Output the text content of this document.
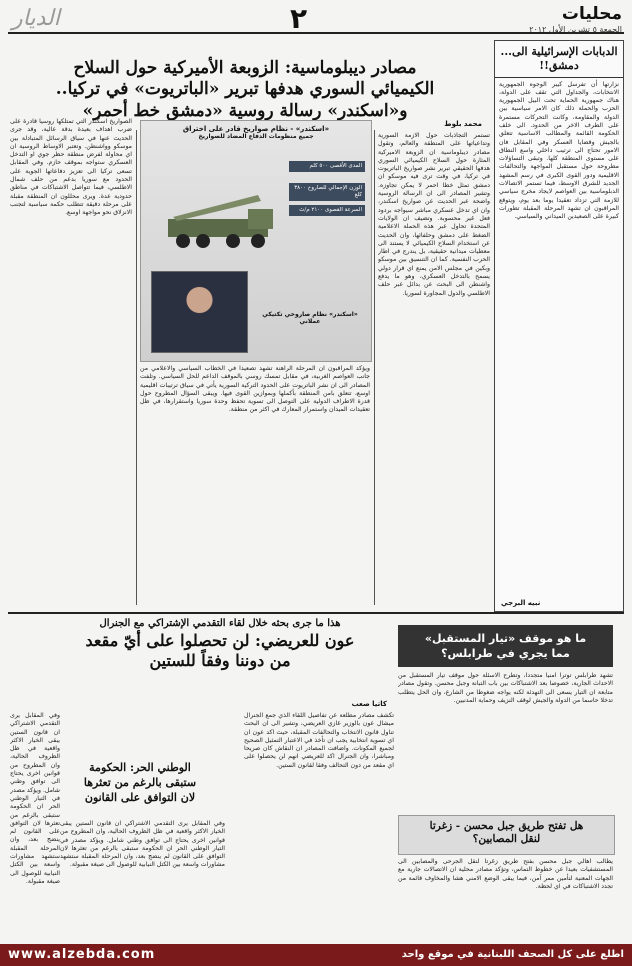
محليات
الجمعة ٥ تشرين الأول ٢٠١٢
٢
الديار
الدبابات الإسرائيلية الى... دمشق!!
نزارتها أن تفرسل كيبر الوجوه الجمهورية الانتخابات، والجداول التي تقف على الدولة، هناك جمهورية الحماية تحت البيل الجمهورية الحزب والحملة ذلك كان الامر سياسية بين الدولة والمقاومة، وكانت التحركات مستمرة على الطرف الاخر من الحدود. الى خلف الحكومة القائمة والمطالب الاساسية تتعلق بالجيش وقضايا العسكر وفي المقابل فان الامور تحتاج الى ترتيب داخلي واسع النطاق على مستوى المنطقة كلها. وتبقى التساؤلات مطروحة حول مستقبل المواجهة والتحالفات الاقليمية ودور القوى الكبرى في رسم المشهد الجديد للشرق الاوسط، فيما تستمر الاتصالات الدبلوماسية بين العواصم لايجاد مخرج سياسي للازمة التي تزداد تعقيدا يوما بعد يوم، ويتوقع المراقبون ان تشهد المرحلة المقبلة تطورات كبيرة على الصعيدين الميداني والسياسي.
نبيه البرجي
مصادر ديبلوماسية: الزوبعة الأميركية حول السلاح
الكيميائي السوري هدفها تبرير «الباتريوت» في تركيا..
و«اسكندر» رسالة روسية «دمشق خط أحمر»
محمد بلوط
تستمر التجاذبات حول الازمة السورية وتداعياتها على المنطقة والعالم، وتقول مصادر ديبلوماسية ان الزوبعة الاميركية المثارة حول السلاح الكيميائي السوري هدفها الحقيقي تبرير نشر صواريخ الباتريوت في تركيا، في وقت ترى فيه موسكو ان دمشق تمثل خطا احمر لا يمكن تجاوزه. وتشير المصادر الى ان الرسالة الروسية واضحة عبر الحديث عن صواريخ اسكندر، وان اي تدخل عسكري مباشر سيواجه بردود فعل غير محسوبة. وتضيف ان الولايات المتحدة تحاول عبر هذه الحملة الاعلامية الضغط على دمشق وحلفائها، وان الحديث عن استخدام السلاح الكيميائي لا يستند الى معطيات ميدانية حقيقية، بل يندرج في اطار الحرب النفسية. كما ان التنسيق بين موسكو وبكين في مجلس الامن يمنع اي قرار دولي يسمح بالتدخل العسكري، وهو ما يدفع واشنطن الى البحث عن بدائل عبر حلف الاطلسي والدول المجاورة لسوريا.
ويؤكد المراقبون ان المرحلة الراهنة تشهد تصعيدا في الخطاب السياسي والاعلامي من جانب العواصم الغربية، في مقابل تمسك روسي بالموقف الداعم للحل السياسي. وتلفت المصادر الى ان نشر الباتريوت على الحدود التركية السورية يأتي في سياق ترتيبات اقليمية اوسع، تتعلق بامن المنطقة بأكملها وبموازين القوى فيها. ويبقى السؤال المطروح حول قدرة الاطراف الدولية على التوصل الى تسوية تحفظ وحدة سوريا واستقرارها، في ظل تعقيدات الميدان واستمرار المعارك في اكثر من منطقة.
الصواريخ اسكندر التي تمتلكها روسيا قادرة على ضرب اهداف بعيدة بدقة عالية، وقد جرى الحديث عنها في سياق الرسائل المتبادلة بين موسكو وواشنطن. وتعتبر الاوساط الروسية ان اي محاولة لفرض منطقة حظر جوي او التدخل العسكري ستواجه بموقف حازم. وفي المقابل تسعى تركيا الى تعزيز دفاعاتها الجوية على الحدود مع سوريا بدعم من حلف شمال الاطلسي، فيما تتواصل الاشتباكات في مناطق حدودية عدة. ويرى محللون ان المنطقة مقبلة على مرحلة دقيقة تتطلب حكمة سياسية لتجنب الانزلاق نحو مواجهة اوسع.
«اسكندر» - نظام صواريخ قادر على اختراق
جميع منظومات الدفاع المضاد للصواريخ
المدى الأقصى ٥٠٠ كلم
الوزن الإجمالي للصاروخ ٣٨٠٠ كلغ
السرعة القصوى ٢١٠٠ م/ث
«اسكندر» نظام صاروخي تكتيكي عملاني
هذا ما جرى بحثه خلال لقاء التقدمي الإشتراكي مع الجنرال
عون للعريضي: لن تحصلوا على أيّ مقعد
من دوننا وفقاً للستين
كاتيا صعب
تكشف مصادر مطلعة عن تفاصيل اللقاء الذي جمع الجنرال ميشال عون بالوزير غازي العريضي، وتشير الى ان البحث تناول قانون الانتخاب والتحالفات المقبلة، حيث اكد عون ان اي تسوية انتخابية يجب ان تأخذ في الاعتبار التمثيل الصحيح لجميع المكونات. واضافت المصادر ان النقاش كان صريحا ومباشرا، وان الجنرال اكد للعريضي انهم لن يحصلوا على اي مقعد من دون التحالف وفقا لقانون الستين.
الوطني الحر: الحكومة
ستبقى بالرغم من تعثرها
لان التوافق على القانون
وفي المقابل يرى التقدمي الاشتراكي ان قانون الستين يبقى الخيار الاكثر واقعية في ظل الظروف الحالية، وان المطروح من قوانين اخرى يحتاج الى توافق وطني شامل. ويؤكد مصدر في التيار الوطني الحر ان الحكومة ستبقى بالرغم من تعثرها لان التوافق على القانون لم ينضج بعد، وان المرحلة المقبلة ستشهد مشاورات واسعة بين الكتل النيابية للوصول الى صيغة مقبولة.
وفي المقابل يرى التقدمي الاشتراكي ان قانون الستين يبقى الخيار الاكثر واقعية في ظل الظروف الحالية، وان المطروح من قوانين اخرى يحتاج الى توافق وطني شامل. ويؤكد مصدر في التيار الوطني الحر ان الحكومة ستبقى بالرغم من تعثرها لان التوافق على القانون لم ينضج بعد، وان المرحلة المقبلة ستشهد مشاورات واسعة بين الكتل النيابية للوصول الى صيغة مقبولة.
ما هو موقف «تيار المستقبل»
مما يجري في طرابلس؟
تشهد طرابلس توترا امنيا متجددا، وتطرح الاسئلة حول موقف تيار المستقبل من الاحداث الجارية، خصوصا بعد الاشتباكات بين باب التبانة وجبل محسن. وتقول مصادر متابعة ان التيار يسعى الى التهدئة لكنه يواجه ضغوطا من الشارع، وان الحل يتطلب تدخلا حاسما من الدولة والجيش لوقف النزيف وحماية المدنيين.
هل تفتح طريق جبل محسن - زغرتا
لنقل المصابين؟
يطالب اهالي جبل محسن بفتح طريق زغرتا لنقل الجرحى والمصابين الى المستشفيات بعيدا عن خطوط التماس، وتؤكد مصادر محلية ان الاتصالات جارية مع الجهات المعنية لتأمين ممر آمن، فيما يبقى الوضع الامني هشا والمخاوف قائمة من تجدد الاشتباكات في اي لحظة.
www.alzebda.com	اطلع على كل الصحف اللبنانية في موقع واحد
